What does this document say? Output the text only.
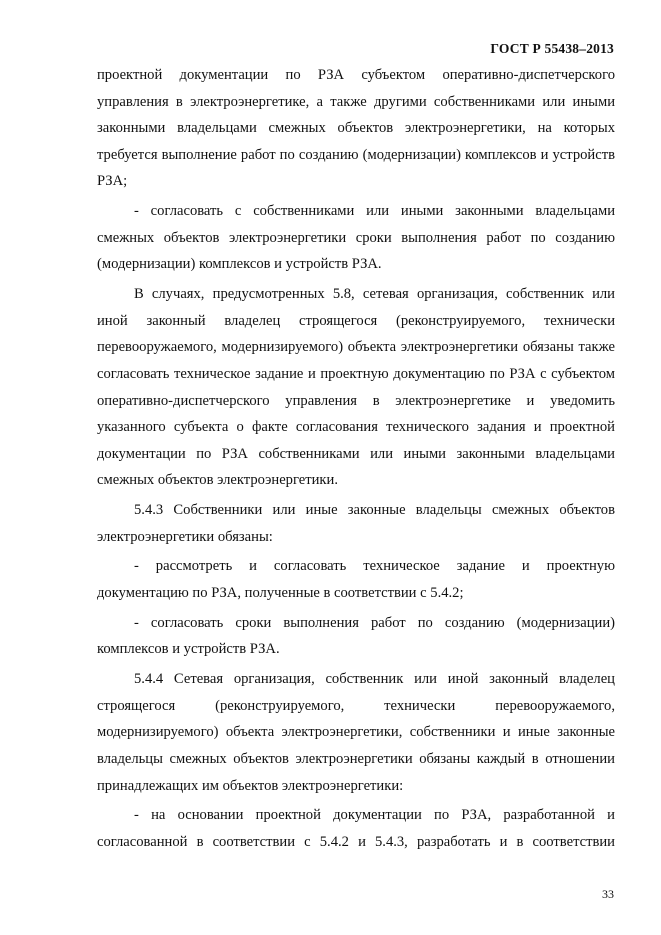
ГОСТ Р 55438–2013

проектной документации по РЗА субъектом оперативно-диспетчерского управления в электроэнергетике, а также другими собственниками или иными законными владельцами смежных объектов электроэнергетики, на которых требуется выполнение работ по созданию (модернизации) комплексов и устройств РЗА;

- согласовать с собственниками или иными законными владельцами смежных объектов электроэнергетики сроки выполнения работ по созданию (модернизации) комплексов и устройств РЗА.

В случаях, предусмотренных 5.8, сетевая организация, собственник или иной законный владелец строящегося (реконструируемого, технически перевооружаемого, модернизируемого) объекта электроэнергетики обязаны также согласовать техническое задание и проектную документацию по РЗА с субъектом оперативно-диспетчерского управления в электроэнергетике и уведомить указанного субъекта о факте согласования технического задания и проектной документации по РЗА собственниками или иными законными владельцами смежных объектов электроэнергетики.

5.4.3 Собственники или иные законные владельцы смежных объектов электроэнергетики обязаны:

- рассмотреть и согласовать техническое задание и проектную документацию по РЗА, полученные в соответствии с 5.4.2;

- согласовать сроки выполнения работ по созданию (модернизации) комплексов и устройств РЗА.

5.4.4 Сетевая организация, собственник или иной законный владелец строящегося (реконструируемого, технически перевооружаемого, модернизируемого) объекта электроэнергетики, собственники и иные законные владельцы смежных объектов электроэнергетики обязаны каждый в отношении принадлежащих им объектов электроэнергетики:

- на основании проектной документации по РЗА, разработанной и согласованной в соответствии с 5.4.2 и 5.4.3, разработать и в соответствии

33
